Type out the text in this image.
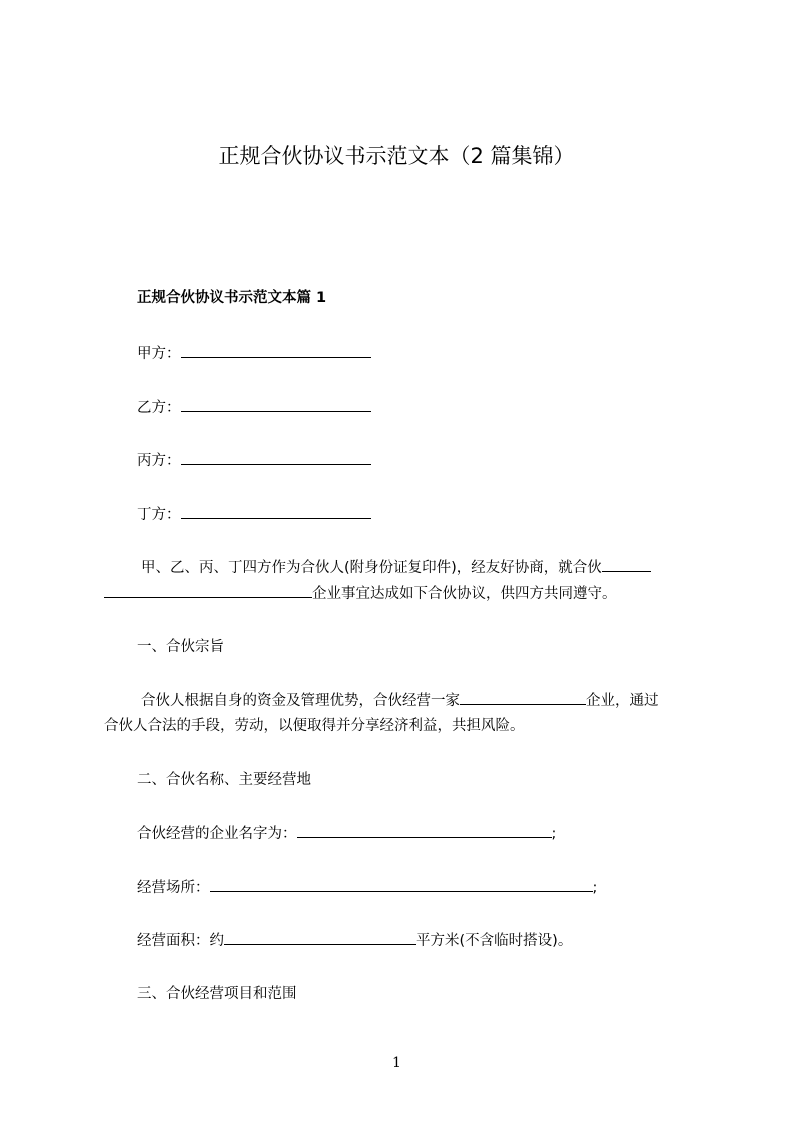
正规合伙协议书示范文本（2 篇集锦）
正规合伙协议书示范文本篇 1
甲方：
乙方：
丙方：
丁方：
甲、乙、丙、丁四方作为合伙人(附身份证复印件)，经友好协商，就合伙
企业事宜达成如下合伙协议，供四方共同遵守。
一、合伙宗旨
合伙人根据自身的资金及管理优势，合伙经营一家	企业，通过
合伙人合法的手段，劳动，以便取得并分享经济利益，共担风险。
二、合伙名称、主要经营地
合伙经营的企业名字为：	;
经营场所：	;
经营面积：约	平方米(不含临时搭设)。
三、合伙经营项目和范围
1
